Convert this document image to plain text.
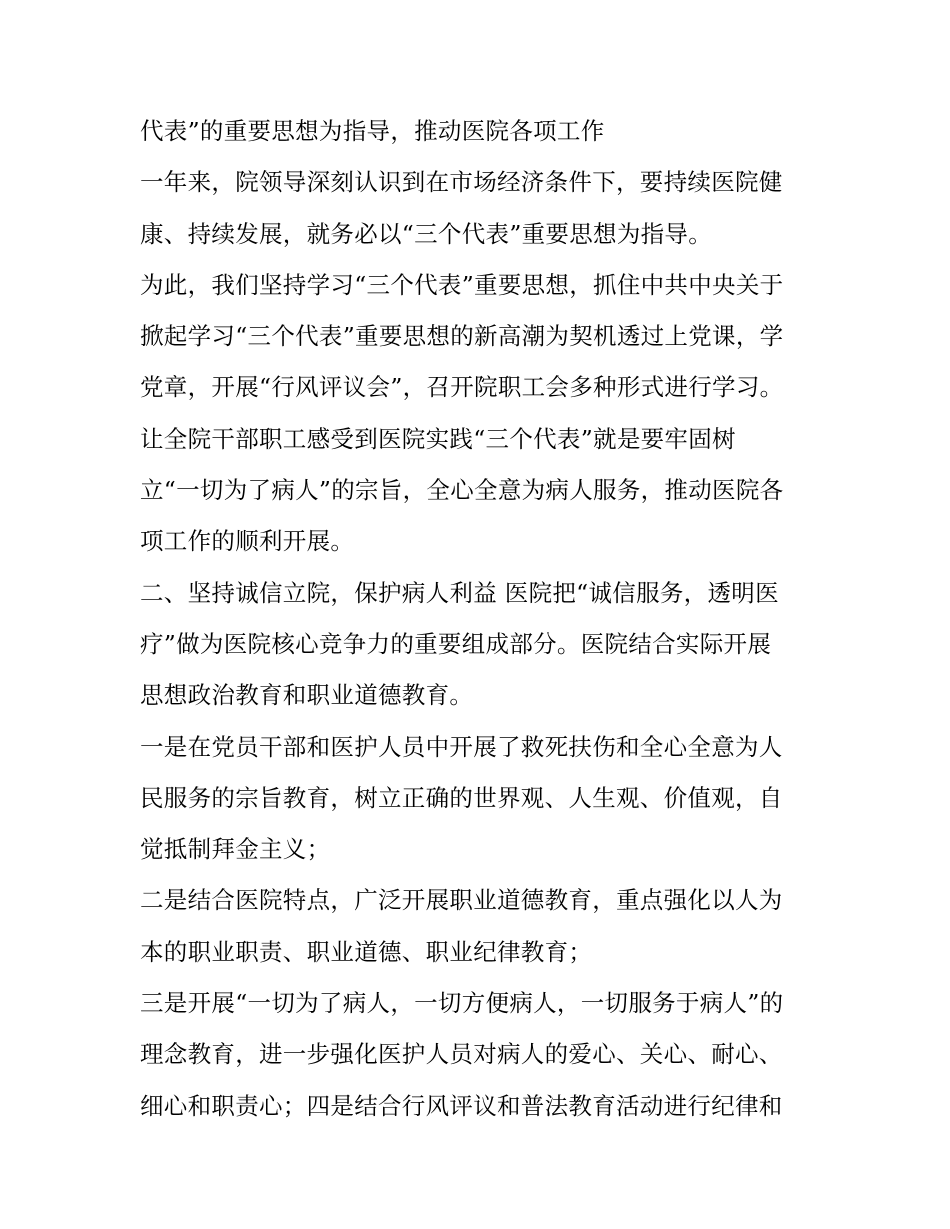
代表”的重要思想为指导，推动医院各项工作
一年来，院领导深刻认识到在市场经济条件下，要持续医院健
康、持续发展，就务必以“三个代表”重要思想为指导。
为此，我们坚持学习“三个代表”重要思想，抓住中共中央关于
掀起学习“三个代表”重要思想的新高潮为契机透过上党课，学
党章，开展“行风评议会”，召开院职工会多种形式进行学习。
让全院干部职工感受到医院实践“三个代表”就是要牢固树
立“一切为了病人”的宗旨，全心全意为病人服务，推动医院各
项工作的顺利开展。
二、坚持诚信立院，保护病人利益 医院把“诚信服务，透明医
疗”做为医院核心竞争力的重要组成部分。医院结合实际开展
思想政治教育和职业道德教育。
一是在党员干部和医护人员中开展了救死扶伤和全心全意为人
民服务的宗旨教育，树立正确的世界观、人生观、价值观，自
觉抵制拜金主义；
二是结合医院特点，广泛开展职业道德教育，重点强化以人为
本的职业职责、职业道德、职业纪律教育；
三是开展“一切为了病人，一切方便病人，一切服务于病人”的
理念教育，进一步强化医护人员对病人的爱心、关心、耐心、
细心和职责心；四是结合行风评议和普法教育活动进行纪律和
